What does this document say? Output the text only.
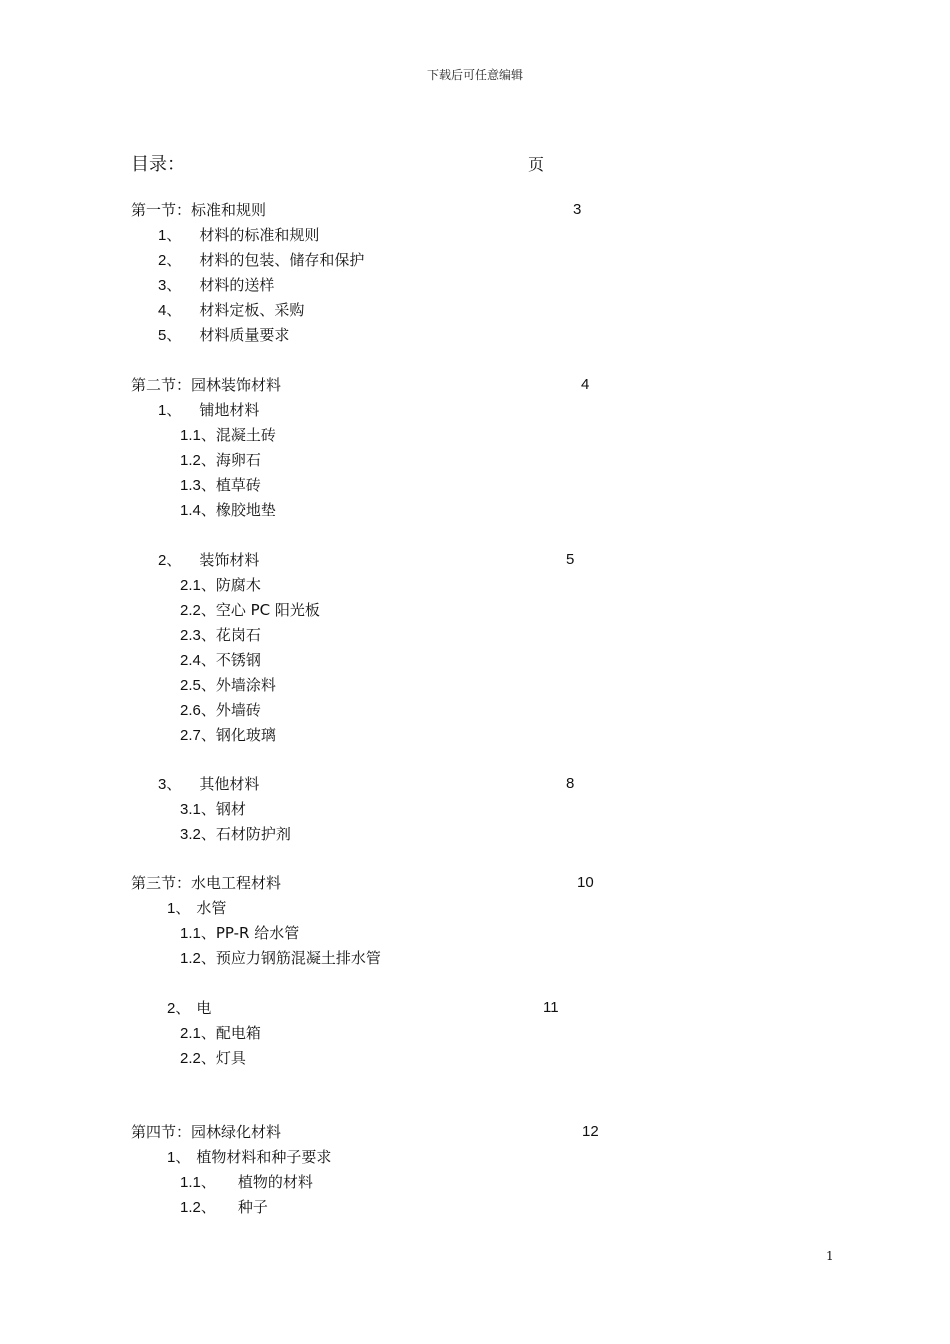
下载后可任意编辑
目录：	页
第一节：标准和规则	3
1、 材料的标准和规则
2、 材料的包装、储存和保护
3、 材料的送样
4、 材料定板、采购
5、 材料质量要求
第二节：园林装饰材料	4
1、 铺地材料
1.1、混凝土砖
1.2、海卵石
1.3、植草砖
1.4、橡胶地垫
2、 装饰材料	5
2.1、防腐木
2.2、空心 PC 阳光板
2.3、花岗石
2.4、不锈钢
2.5、外墙涂料
2.6、外墙砖
2.7、钢化玻璃
3、 其他材料	8
3.1、钢材
3.2、石材防护剂
第三节：水电工程材料	10
1、 水管
1.1、PP-R 给水管
1.2、预应力钢筋混凝土排水管
2、 电	11
2.1、配电箱
2.2、灯具
第四节：园林绿化材料	12
1、 植物材料和种子要求
1.1、 植物的材料
1.2、 种子
1
